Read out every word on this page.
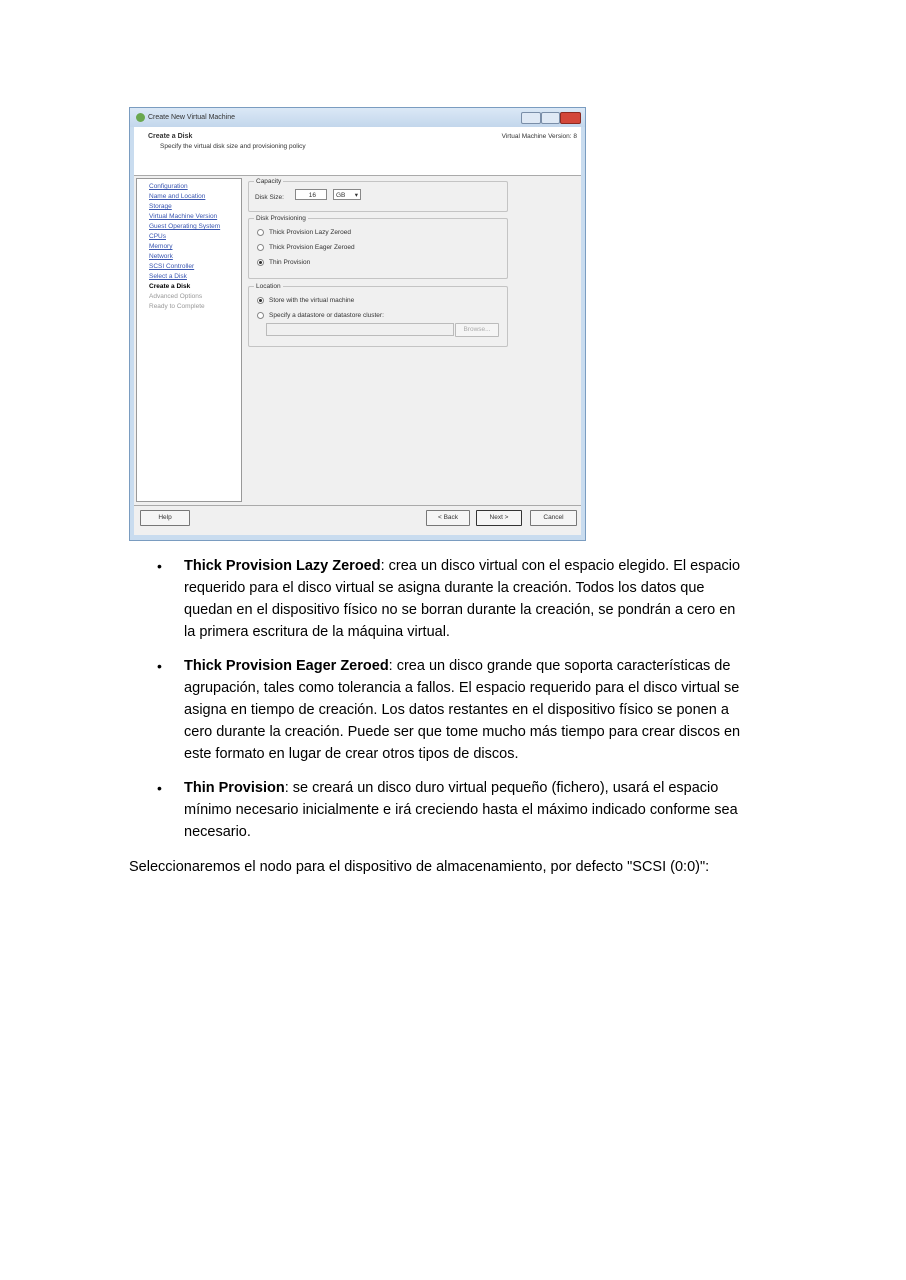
Create New Virtual Machine
Create a Disk
Specify the virtual disk size and provisioning policy
Virtual Machine Version: 8
Configuration
Name and Location
Storage
Virtual Machine Version
Guest Operating System
CPUs
Memory
Network
SCSI Controller
Select a Disk
Create a Disk
Advanced Options
Ready to Complete
Capacity
Disk Size:	16	GB ▾
Disk Provisioning
Thick Provision Lazy Zeroed
Thick Provision Eager Zeroed
Thin Provision
Location
Store with the virtual machine
Specify a datastore or datastore cluster:
Browse...
Help	< Back	Next >	Cancel
• Thick Provision Lazy Zeroed: crea un disco virtual con el espacio elegido. El espacio
requerido para el disco virtual se asigna durante la creación. Todos los datos que
quedan en el dispositivo físico no se borran durante la creación, se pondrán a cero en
la primera escritura de la máquina virtual.
• Thick Provision Eager Zeroed: crea un disco grande que soporta características de
agrupación, tales como tolerancia a fallos. El espacio requerido para el disco virtual se
asigna en tiempo de creación. Los datos restantes en el dispositivo físico se ponen a
cero durante la creación. Puede ser que tome mucho más tiempo para crear discos en
este formato en lugar de crear otros tipos de discos.
• Thin Provision: se creará un disco duro virtual pequeño (fichero), usará el espacio
mínimo necesario inicialmente e irá creciendo hasta el máximo indicado conforme sea
necesario.
Seleccionaremos el nodo para el dispositivo de almacenamiento, por defecto "SCSI (0:0)":
